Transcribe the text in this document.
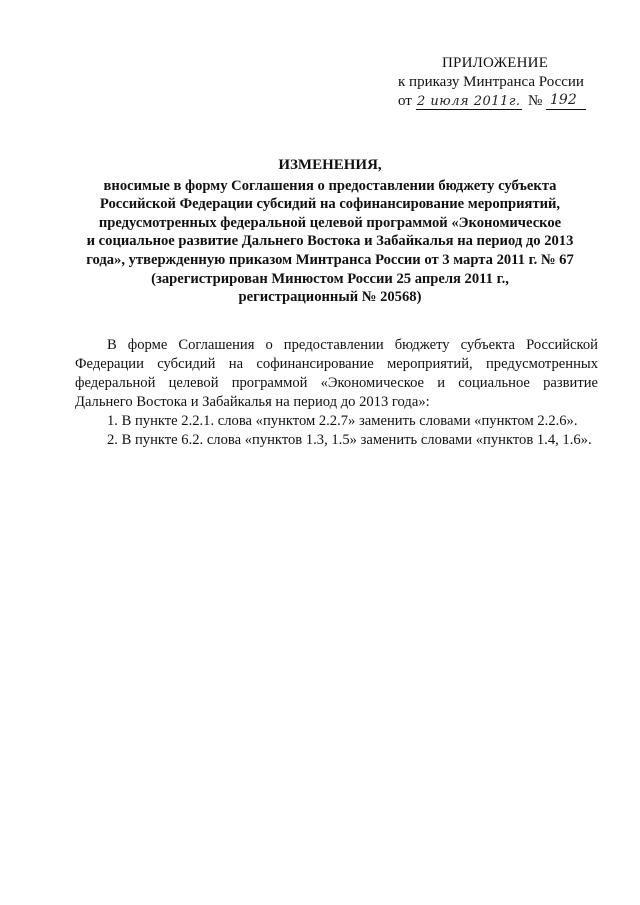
ПРИЛОЖЕНИЕ
к приказу Минтранса России
от 2 июля 2011г. № 192
ИЗМЕНЕНИЯ,
вносимые в форму Соглашения о предоставлении бюджету субъекта
Российской Федерации субсидий на софинансирование мероприятий,
предусмотренных федеральной целевой программой «Экономическое
и социальное развитие Дальнего Востока и Забайкалья на период до 2013
года», утвержденную приказом Минтранса России от 3 марта 2011 г. № 67
(зарегистрирован Минюстом России 25 апреля 2011 г.,
регистрационный № 20568)

В форме Соглашения о предоставлении бюджету субъекта Российской Федерации субсидий на софинансирование мероприятий, предусмотренных федеральной целевой программой «Экономическое и социальное развитие Дальнего Востока и Забайкалья на период до 2013 года»:

1. В пункте 2.2.1. слова «пунктом 2.2.7» заменить словами «пунктом 2.2.6».

2. В пункте 6.2. слова «пунктов 1.3, 1.5» заменить словами «пунктов 1.4, 1.6».
